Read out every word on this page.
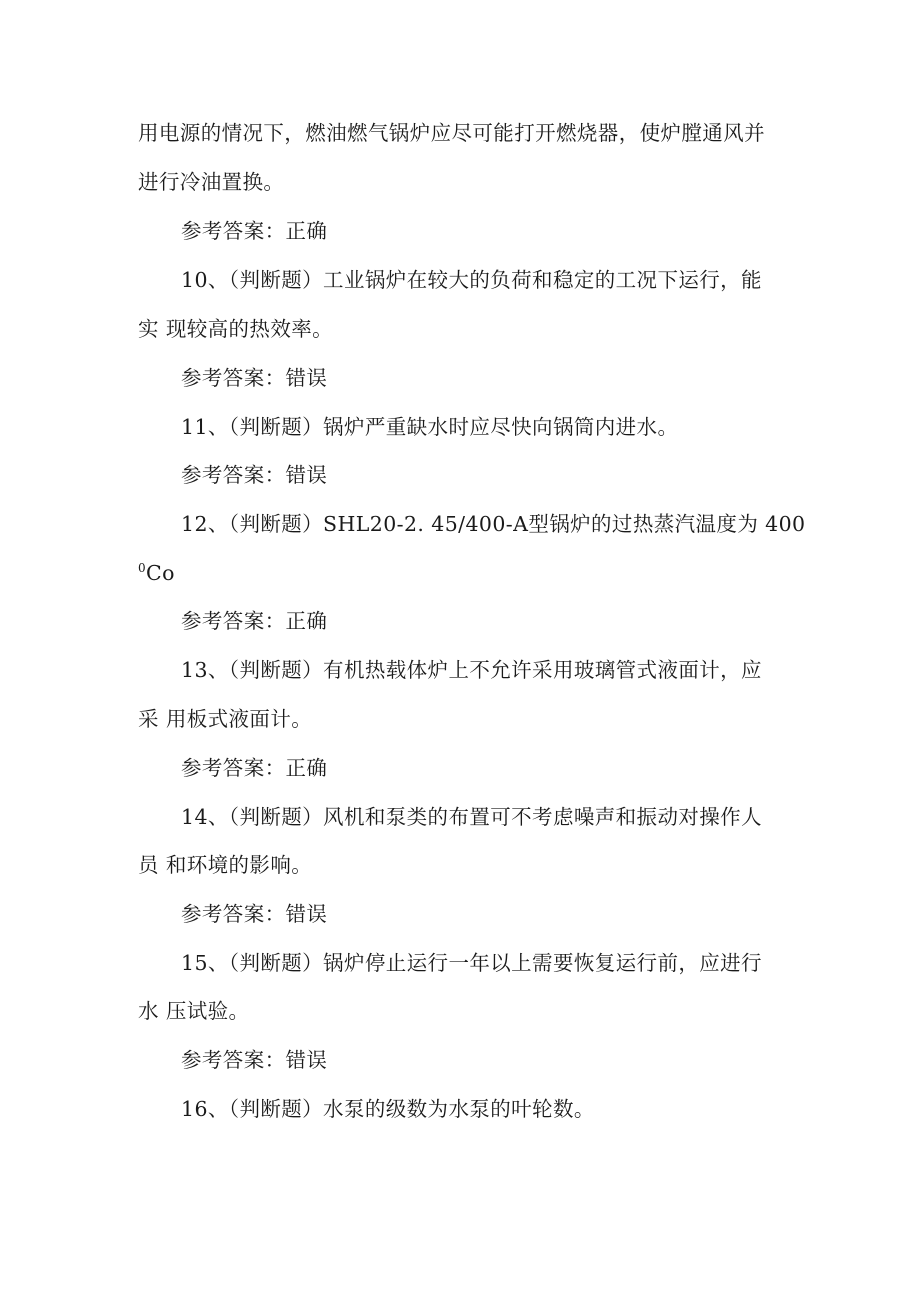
用电源的情况下，燃油燃气锅炉应尽可能打开燃烧器，使炉膛通风并
进行冷油置换。
参考答案：正确
10、（判断题）工业锅炉在较大的负荷和稳定的工况下运行，能
实 现较高的热效率。
参考答案：错误
11、（判断题）锅炉严重缺水时应尽快向锅筒内进水。
参考答案：错误
12、（判断题）SHL20-2. 45/400-A型锅炉的过热蒸汽温度为 400
$^0$Co
参考答案：正确
13、（判断题）有机热载体炉上不允许采用玻璃管式液面计，应
采 用板式液面计。
参考答案：正确
14、（判断题）风机和泵类的布置可不考虑噪声和振动对操作人
员 和环境的影响。
参考答案：错误
15、（判断题）锅炉停止运行一年以上需要恢复运行前，应进行
水 压试验。
参考答案：错误
16、（判断题）水泵的级数为水泵的叶轮数。
